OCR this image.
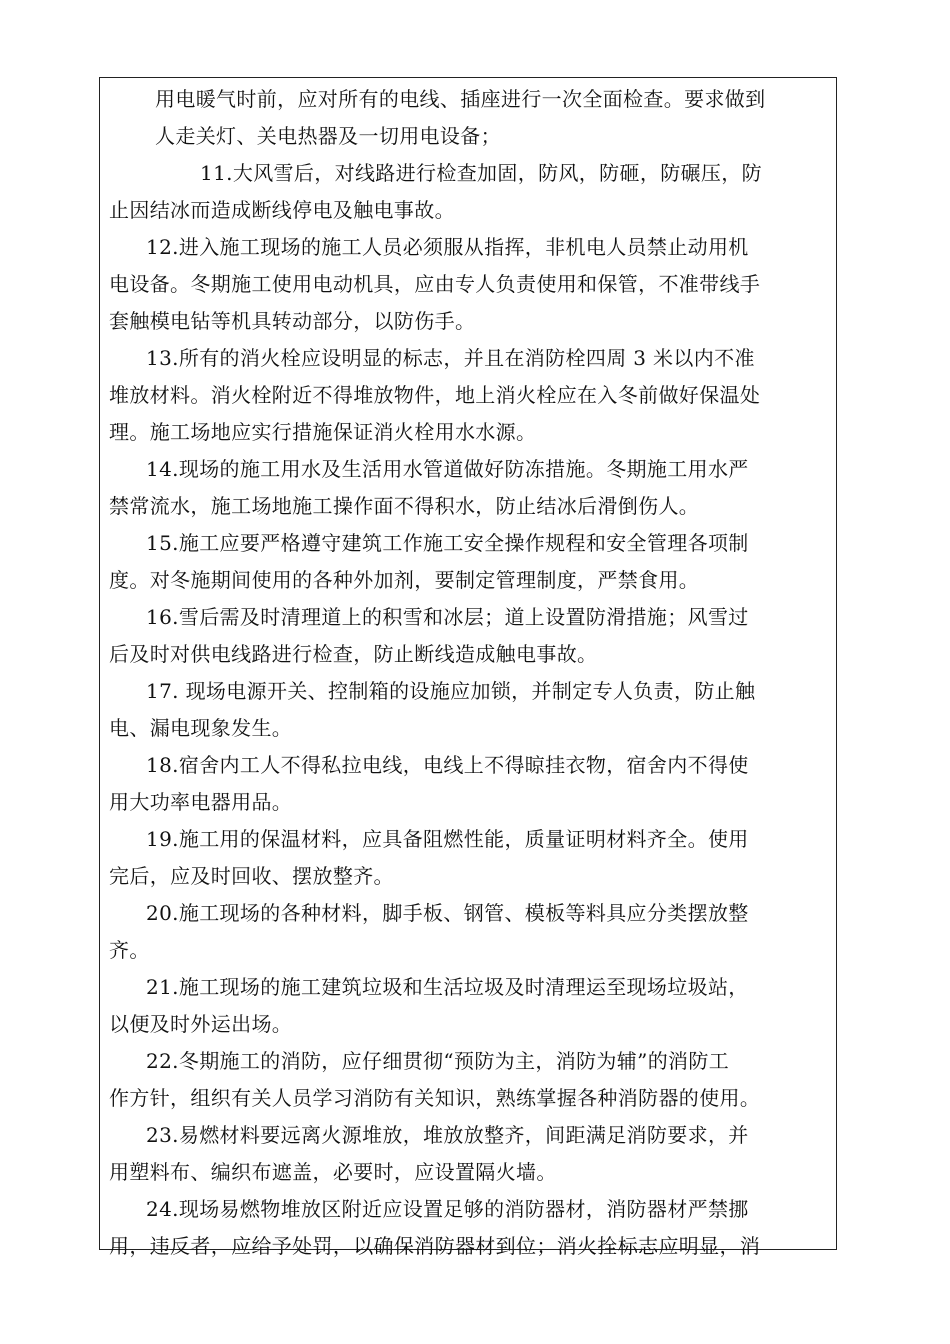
用电暖气时前，应对所有的电线、插座进行一次全面检查。要求做到
人走关灯、关电热器及一切用电设备；
11.大风雪后，对线路进行检查加固，防风，防砸，防碾压，防
止因结冰而造成断线停电及触电事故。
12.进入施工现场的施工人员必须服从指挥，非机电人员禁止动用机
电设备。冬期施工使用电动机具，应由专人负责使用和保管，不准带线手
套触模电钻等机具转动部分，以防伤手。
13.所有的消火栓应设明显的标志，并且在消防栓四周 3 米以内不准
堆放材料。消火栓附近不得堆放物件，地上消火栓应在入冬前做好保温处
理。施工场地应实行措施保证消火栓用水水源。
14.现场的施工用水及生活用水管道做好防冻措施。冬期施工用水严
禁常流水，施工场地施工操作面不得积水，防止结冰后滑倒伤人。
15.施工应要严格遵守建筑工作施工安全操作规程和安全管理各项制
度。对冬施期间使用的各种外加剂，要制定管理制度，严禁食用。
16.雪后需及时清理道上的积雪和冰层；道上设置防滑措施；风雪过
后及时对供电线路进行检查，防止断线造成触电事故。
17. 现场电源开关、控制箱的设施应加锁，并制定专人负责，防止触
电、漏电现象发生。
18.宿舍内工人不得私拉电线，电线上不得晾挂衣物，宿舍内不得使
用大功率电器用品。
19.施工用的保温材料，应具备阻燃性能，质量证明材料齐全。使用
完后，应及时回收、摆放整齐。
20.施工现场的各种材料，脚手板、钢管、模板等料具应分类摆放整
齐。
21.施工现场的施工建筑垃圾和生活垃圾及时清理运至现场垃圾站，
以便及时外运出场。
22.冬期施工的消防，应仔细贯彻“预防为主，消防为辅”的消防工
作方针，组织有关人员学习消防有关知识，熟练掌握各种消防器的使用。
23.易燃材料要远离火源堆放，堆放放整齐，间距满足消防要求，并
用塑料布、编织布遮盖，必要时，应设置隔火墙。
24.现场易燃物堆放区附近应设置足够的消防器材，消防器材严禁挪
用，违反者，应给予处罚，以确保消防器材到位；消火拴标志应明显，消
